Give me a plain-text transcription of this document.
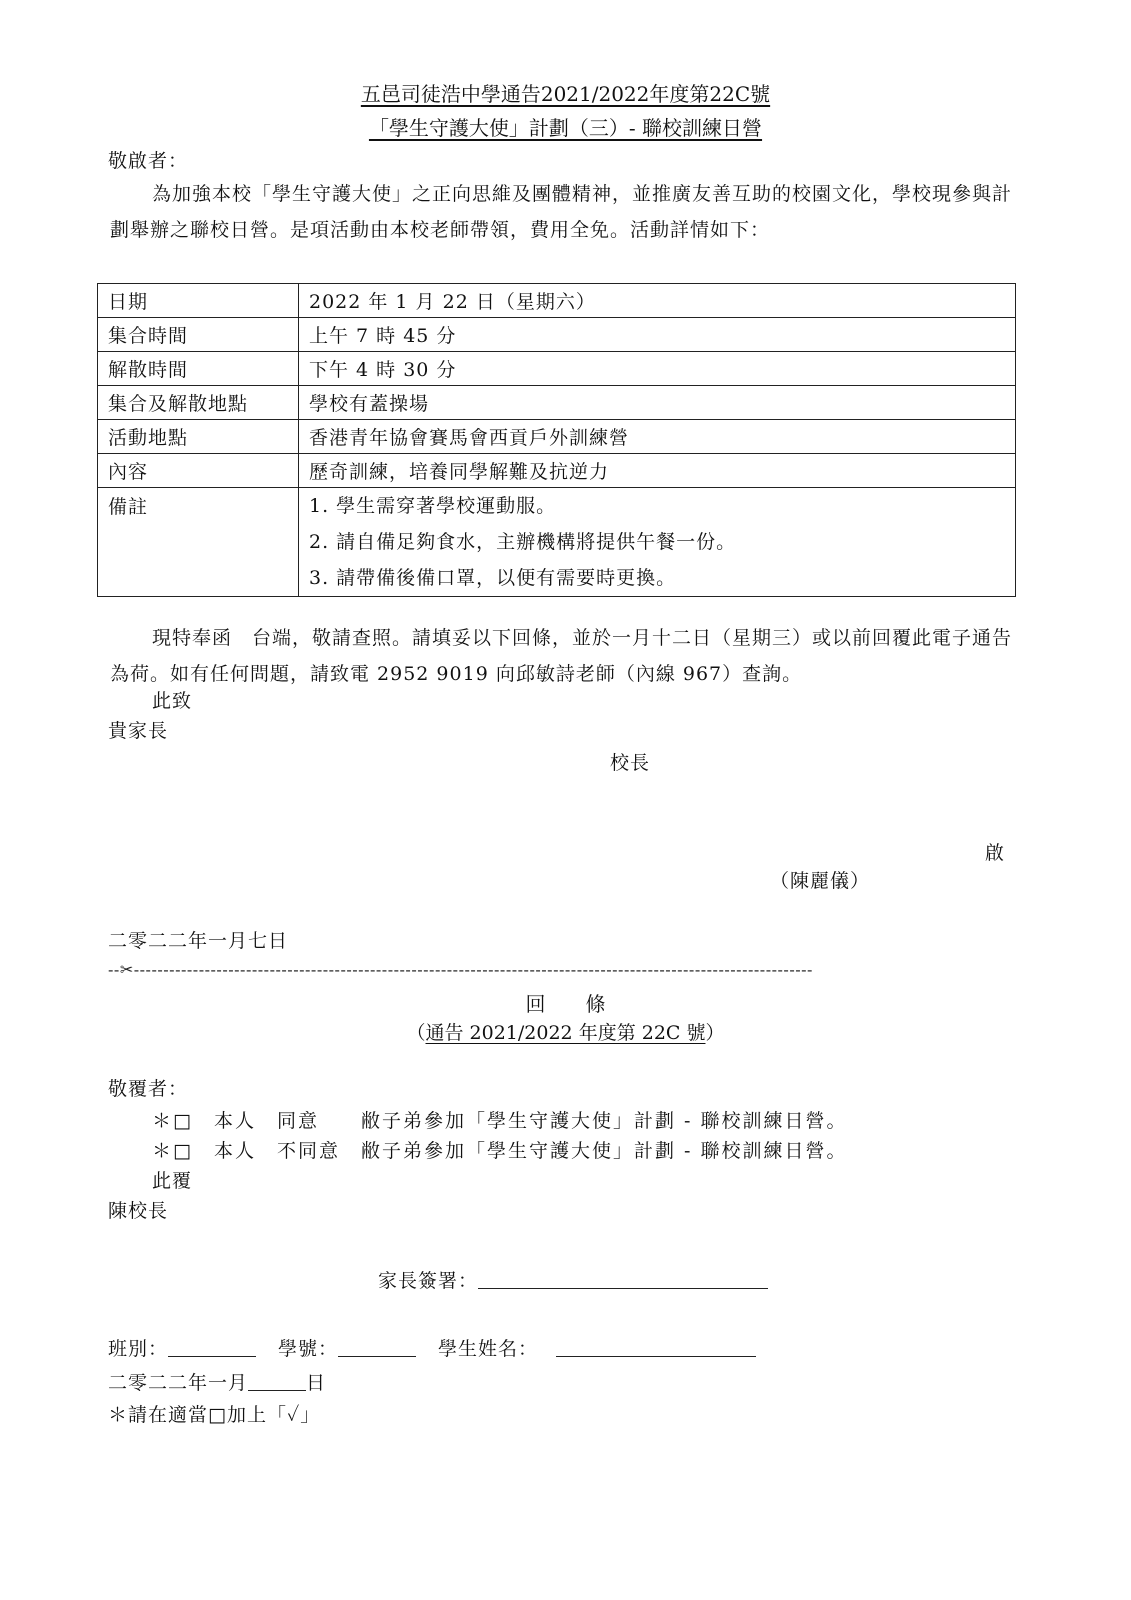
五邑司徒浩中學通告2021/2022年度第22C號
「學生守護大使」計劃（三）- 聯校訓練日營
敬啟者：
為加強本校「學生守護大使」之正向思維及團體精神，並推廣友善互助的校園文化，學校現參與計劃舉辦之聯校日營。是項活動由本校老師帶領，費用全免。活動詳情如下：
日期	2022 年 1 月 22 日（星期六）
集合時間	上午 7 時 45 分
解散時間	下午 4 時 30 分
集合及解散地點	學校有蓋操場
活動地點	香港青年協會賽馬會西貢戶外訓練營
內容	歷奇訓練，培養同學解難及抗逆力
備註	1. 學生需穿著學校運動服。
2. 請自備足夠食水，主辦機構將提供午餐一份。
3. 請帶備後備口罩，以便有需要時更換。
現特奉函　台端，敬請查照。請填妥以下回條，並於一月十二日（星期三）或以前回覆此電子通告為荷。如有任何問題，請致電 2952 9019 向邱敏詩老師（內線 967）查詢。
此致
貴家長
校長
啟
（陳麗儀）
二零二二年一月七日
--✂-------------------------------------------------------------------------------------------------------------------
回　　條
（通告 2021/2022 年度第 22C 號）
敬覆者：
＊□　本人　同意　　敝子弟參加「學生守護大使」計劃 - 聯校訓練日營。
＊□　本人　不同意　敝子弟參加「學生守護大使」計劃 - 聯校訓練日營。
此覆
陳校長
家長簽署：
班別：	學號：	學生姓名：
二零二二年一月	日
＊請在適當□加上「✓」
